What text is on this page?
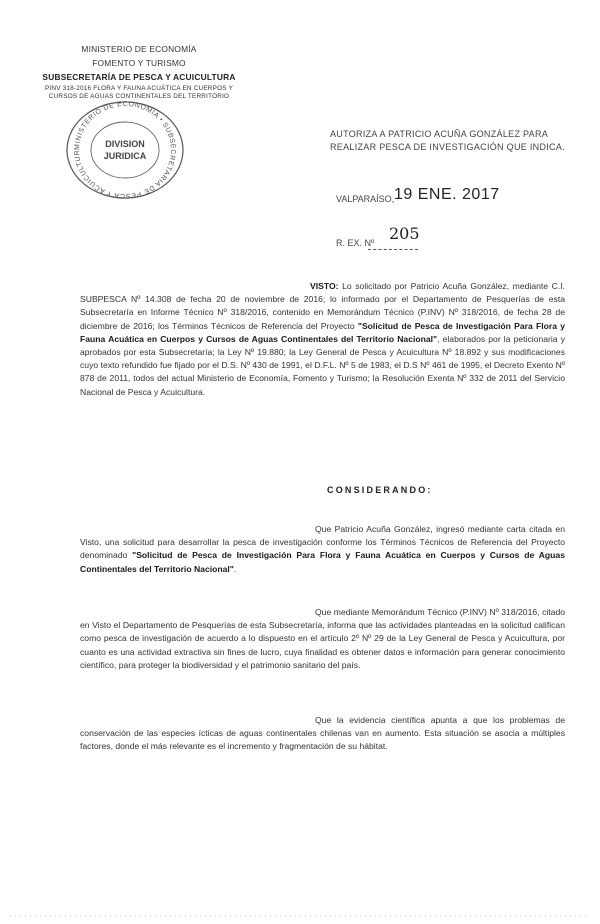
MINISTERIO DE ECONOMÍA
FOMENTO Y TURISMO
SUBSECRETARÍA DE PESCA Y ACUICULTURA
PINV 318-2016 FLORA Y FAUNA ACUÁTICA EN CUERPOS Y
CURSOS DE AGUAS CONTINENTALES DEL TERRITORIO
MINISTERIO DE ECONOMIA • SUBSECRETARIA DE PESCA Y ACUICULTUR
DIVISION
JURIDICA
AUTORIZA A PATRICIO ACUÑA GONZÁLEZ PARA
REALIZAR PESCA DE INVESTIGACIÓN QUE INDICA.
VALPARAÍSO, 19 ENE. 2017
R. EX. Nº 205
VISTO: Lo solicitado por Patricio Acuña González, mediante C.I. SUBPESCA Nº 14.308 de fecha 20 de noviembre de 2016; lo informado por el Departamento de Pesquerías de esta Subsecretaría en Informe Técnico Nº 318/2016, contenido en Memorándum Técnico (P.INV) Nº 318/2016, de fecha 28 de diciembre de 2016; los Términos Técnicos de Referencia del Proyecto "Solicitud de Pesca de Investigación Para Flora y Fauna Acuática en Cuerpos y Cursos de Aguas Continentales del Territorio Nacional", elaborados por la peticionaria y aprobados por esta Subsecretaría; la Ley Nº 19.880; la Ley General de Pesca y Acuicultura Nº 18.892 y sus modificaciones cuyo texto refundido fue fijado por el D.S. Nº 430 de 1991, el D.F.L. Nº 5 de 1983, el D.S Nº 461 de 1995, el Decreto Exento Nº 878 de 2011, todos del actual Ministerio de Economía, Fomento y Turismo; la Resolución Exenta Nº 332 de 2011 del Servicio Nacional de Pesca y Acuicultura.
CONSIDERANDO:
Que Patricio Acuña González, ingresó mediante carta citada en Visto, una solicitud para desarrollar la pesca de investigación conforme los Términos Técnicos de Referencia del Proyecto denominado "Solicitud de Pesca de Investigación Para Flora y Fauna Acuática en Cuerpos y Cursos de Aguas Continentales del Territorio Nacional".
Que mediante Memorándum Técnico (P.INV) Nº 318/2016, citado en Visto el Departamento de Pesquerías de esta Subsecretaría, informa que las actividades planteadas en la solicitud califican como pesca de investigación de acuerdo a lo dispuesto en el artículo 2º Nº 29 de la Ley General de Pesca y Acuicultura, por cuanto es una actividad extractiva sin fines de lucro, cuya finalidad es obtener datos e información para generar conocimiento científico, para proteger la biodiversidad y el patrimonio sanitario del país.
Que la evidencia científica apunta a que los problemas de conservación de las especies ícticas de aguas continentales chilenas van en aumento. Esta situación se asocia a múltiples factores, donde el más relevante es el incremento y fragmentación de su hábitat.
